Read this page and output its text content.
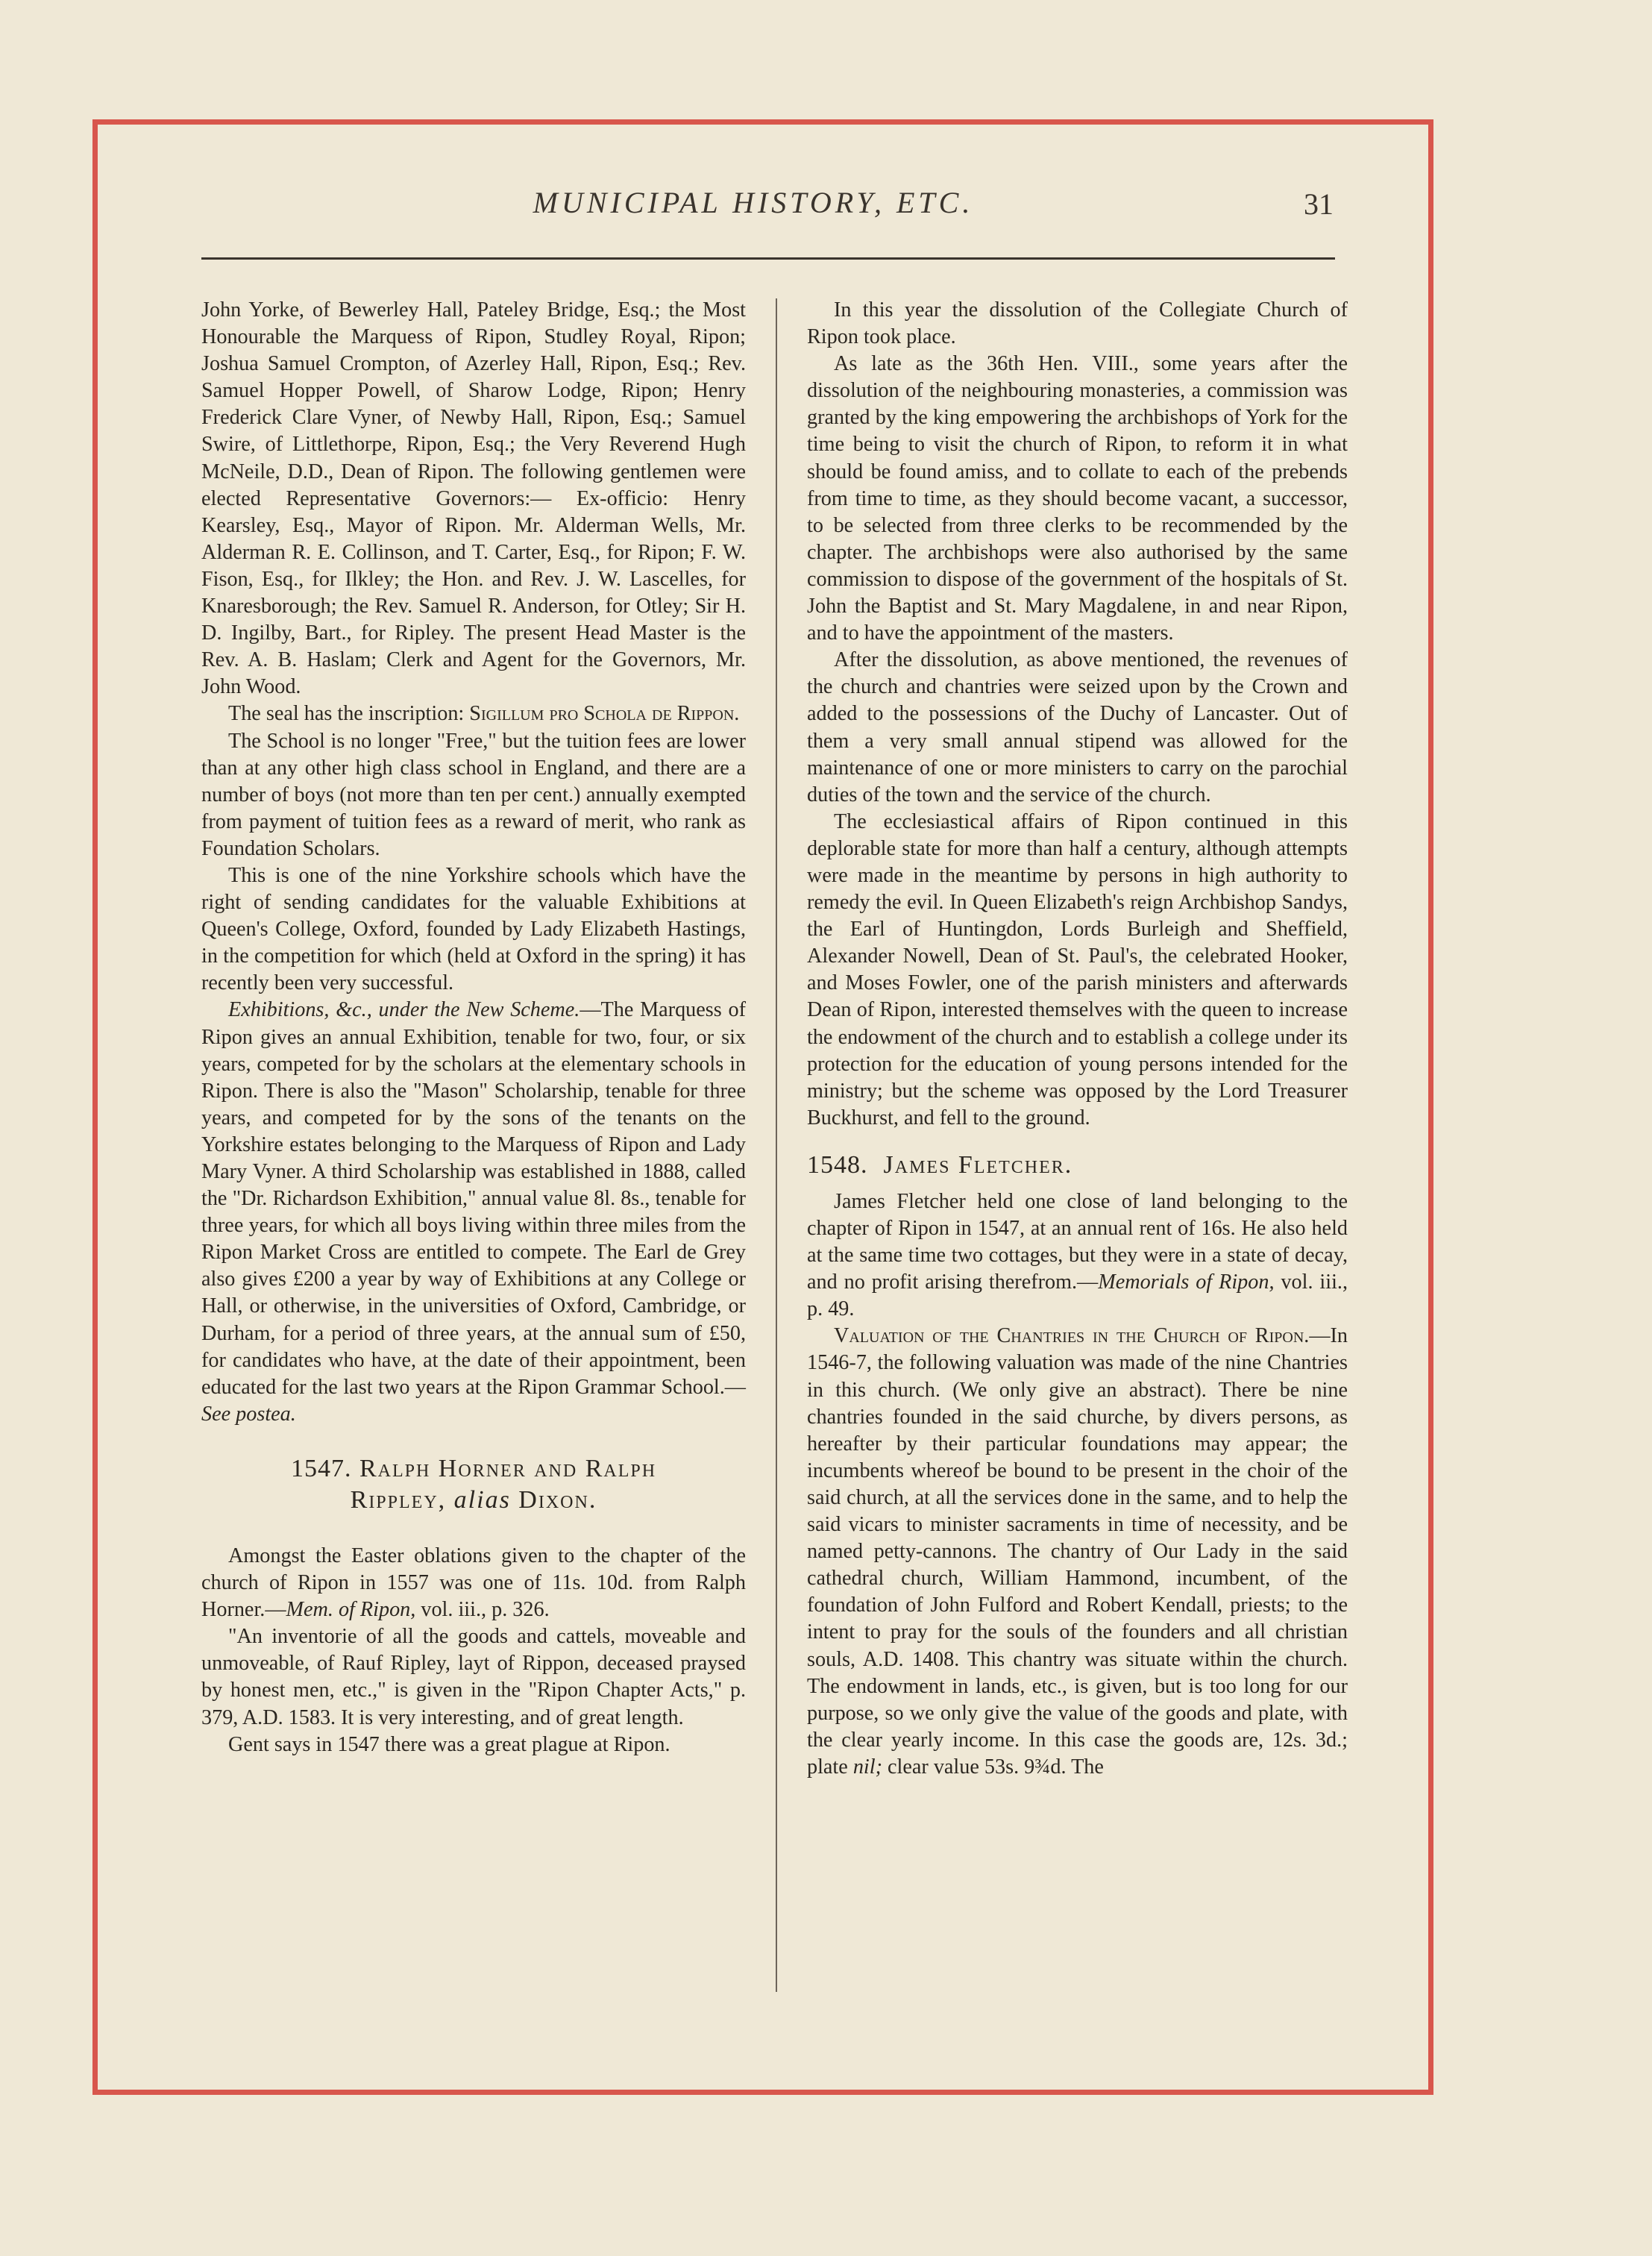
MUNICIPAL HISTORY, ETC.	31

John Yorke, of Bewerley Hall, Pateley Bridge, Esq.; the Most Honourable the Marquess of Ripon, Studley Royal, Ripon; Joshua Samuel Crompton, of Azerley Hall, Ripon, Esq.; Rev. Samuel Hopper Powell, of Sharow Lodge, Ripon; Henry Frederick Clare Vyner, of Newby Hall, Ripon, Esq.; Samuel Swire, of Littlethorpe, Ripon, Esq.; the Very Reverend Hugh McNeile, D.D., Dean of Ripon. The following gentlemen were elected Representative Governors:— Ex-officio: Henry Kearsley, Esq., Mayor of Ripon. Mr. Alderman Wells, Mr. Alderman R. E. Collinson, and T. Carter, Esq., for Ripon; F. W. Fison, Esq., for Ilkley; the Hon. and Rev. J. W. Lascelles, for Knaresborough; the Rev. Samuel R. Anderson, for Otley; Sir H. D. Ingilby, Bart., for Ripley. The present Head Master is the Rev. A. B. Haslam; Clerk and Agent for the Governors, Mr. John Wood.

The seal has the inscription: Sigillum pro Schola de Rippon.

The School is no longer "Free," but the tuition fees are lower than at any other high class school in England, and there are a number of boys (not more than ten per cent.) annually exempted from payment of tuition fees as a reward of merit, who rank as Foundation Scholars.

This is one of the nine Yorkshire schools which have the right of sending candidates for the valuable Exhibitions at Queen's College, Oxford, founded by Lady Elizabeth Hastings, in the competition for which (held at Oxford in the spring) it has recently been very successful.

Exhibitions, &c., under the New Scheme.—The Marquess of Ripon gives an annual Exhibition, tenable for two, four, or six years, competed for by the scholars at the elementary schools in Ripon. There is also the "Mason" Scholarship, tenable for three years, and competed for by the sons of the tenants on the Yorkshire estates belonging to the Marquess of Ripon and Lady Mary Vyner. A third Scholarship was established in 1888, called the "Dr. Richardson Exhibition," annual value 8l. 8s., tenable for three years, for which all boys living within three miles from the Ripon Market Cross are entitled to compete. The Earl de Grey also gives £200 a year by way of Exhibitions at any College or Hall, or otherwise, in the universities of Oxford, Cambridge, or Durham, for a period of three years, at the annual sum of £50, for candidates who have, at the date of their appointment, been educated for the last two years at the Ripon Grammar School.—See postea.

1547. Ralph Horner and Ralph
Rippley, alias Dixon.

Amongst the Easter oblations given to the chapter of the church of Ripon in 1557 was one of 11s. 10d. from Ralph Horner.—Mem. of Ripon, vol. iii., p. 326.

"An inventorie of all the goods and cattels, moveable and unmoveable, of Rauf Ripley, layt of Rippon, deceased praysed by honest men, etc.," is given in the "Ripon Chapter Acts," p. 379, A.D. 1583. It is very interesting, and of great length.

Gent says in 1547 there was a great plague at Ripon.

In this year the dissolution of the Collegiate Church of Ripon took place.

As late as the 36th Hen. VIII., some years after the dissolution of the neighbouring monasteries, a commission was granted by the king empowering the archbishops of York for the time being to visit the church of Ripon, to reform it in what should be found amiss, and to collate to each of the prebends from time to time, as they should become vacant, a successor, to be selected from three clerks to be recommended by the chapter. The archbishops were also authorised by the same commission to dispose of the government of the hospitals of St. John the Baptist and St. Mary Magdalene, in and near Ripon, and to have the appointment of the masters.

After the dissolution, as above mentioned, the revenues of the church and chantries were seized upon by the Crown and added to the possessions of the Duchy of Lancaster. Out of them a very small annual stipend was allowed for the maintenance of one or more ministers to carry on the parochial duties of the town and the service of the church.

The ecclesiastical affairs of Ripon continued in this deplorable state for more than half a century, although attempts were made in the meantime by persons in high authority to remedy the evil. In Queen Elizabeth's reign Archbishop Sandys, the Earl of Huntingdon, Lords Burleigh and Sheffield, Alexander Nowell, Dean of St. Paul's, the celebrated Hooker, and Moses Fowler, one of the parish ministers and afterwards Dean of Ripon, interested themselves with the queen to increase the endowment of the church and to establish a college under its protection for the education of young persons intended for the ministry; but the scheme was opposed by the Lord Treasurer Buckhurst, and fell to the ground.

1548. James Fletcher.

James Fletcher held one close of land belonging to the chapter of Ripon in 1547, at an annual rent of 16s. He also held at the same time two cottages, but they were in a state of decay, and no profit arising therefrom.—Memorials of Ripon, vol. iii., p. 49.

Valuation of the Chantries in the Church of Ripon.—In 1546-7, the following valuation was made of the nine Chantries in this church. (We only give an abstract). There be nine chantries founded in the said churche, by divers persons, as hereafter by their particular foundations may appear; the incumbents whereof be bound to be present in the choir of the said church, at all the services done in the same, and to help the said vicars to minister sacraments in time of necessity, and be named petty-cannons. The chantry of Our Lady in the said cathedral church, William Hammond, incumbent, of the foundation of John Fulford and Robert Kendall, priests; to the intent to pray for the souls of the founders and all christian souls, A.D. 1408. This chantry was situate within the church. The endowment in lands, etc., is given, but is too long for our purpose, so we only give the value of the goods and plate, with the clear yearly income. In this case the goods are, 12s. 3d.; plate nil; clear value 53s. 9¾d. The
